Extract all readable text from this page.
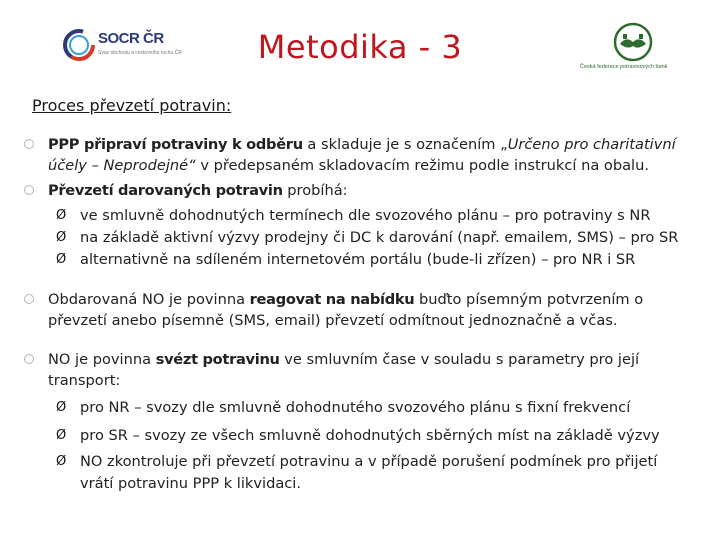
SOCR ČR
Svaz obchodu a cestovního ruchu ČR	Metodika - 3
Česká federace potravinových bank
Proces převzetí potravin:
PPP připraví potraviny k odběru a skladuje je s označením „Určeno pro charitativní účely – Neprodejné“ v předepsaném skladovacím režimu podle instrukcí na obalu.
Převzetí darovaných potravin probíhá:
Ø ve smluvně dohodnutých termínech dle svozového plánu – pro potraviny s NR
Ø na základě aktivní výzvy prodejny či DC k darování (např. emailem, SMS) – pro SR
Ø alternativně na sdíleném internetovém portálu (bude-li zřízen) – pro NR i SR
Obdarovaná NO je povinna reagovat na nabídku buďto písemným potvrzením o
převzetí anebo písemně (SMS, email) převzetí odmítnout jednoznačně a včas.
NO je povinna svézt potravinu ve smluvním čase v souladu s parametry pro její
transport:
Ø pro NR – svozy dle smluvně dohodnutého svozového plánu s fixní frekvencí
Ø pro SR – svozy ze všech smluvně dohodnutých sběrných míst na základě výzvy
Ø NO zkontroluje při převzetí potravinu a v případě porušení podmínek pro přijetí
vrátí potravinu PPP k likvidaci.
